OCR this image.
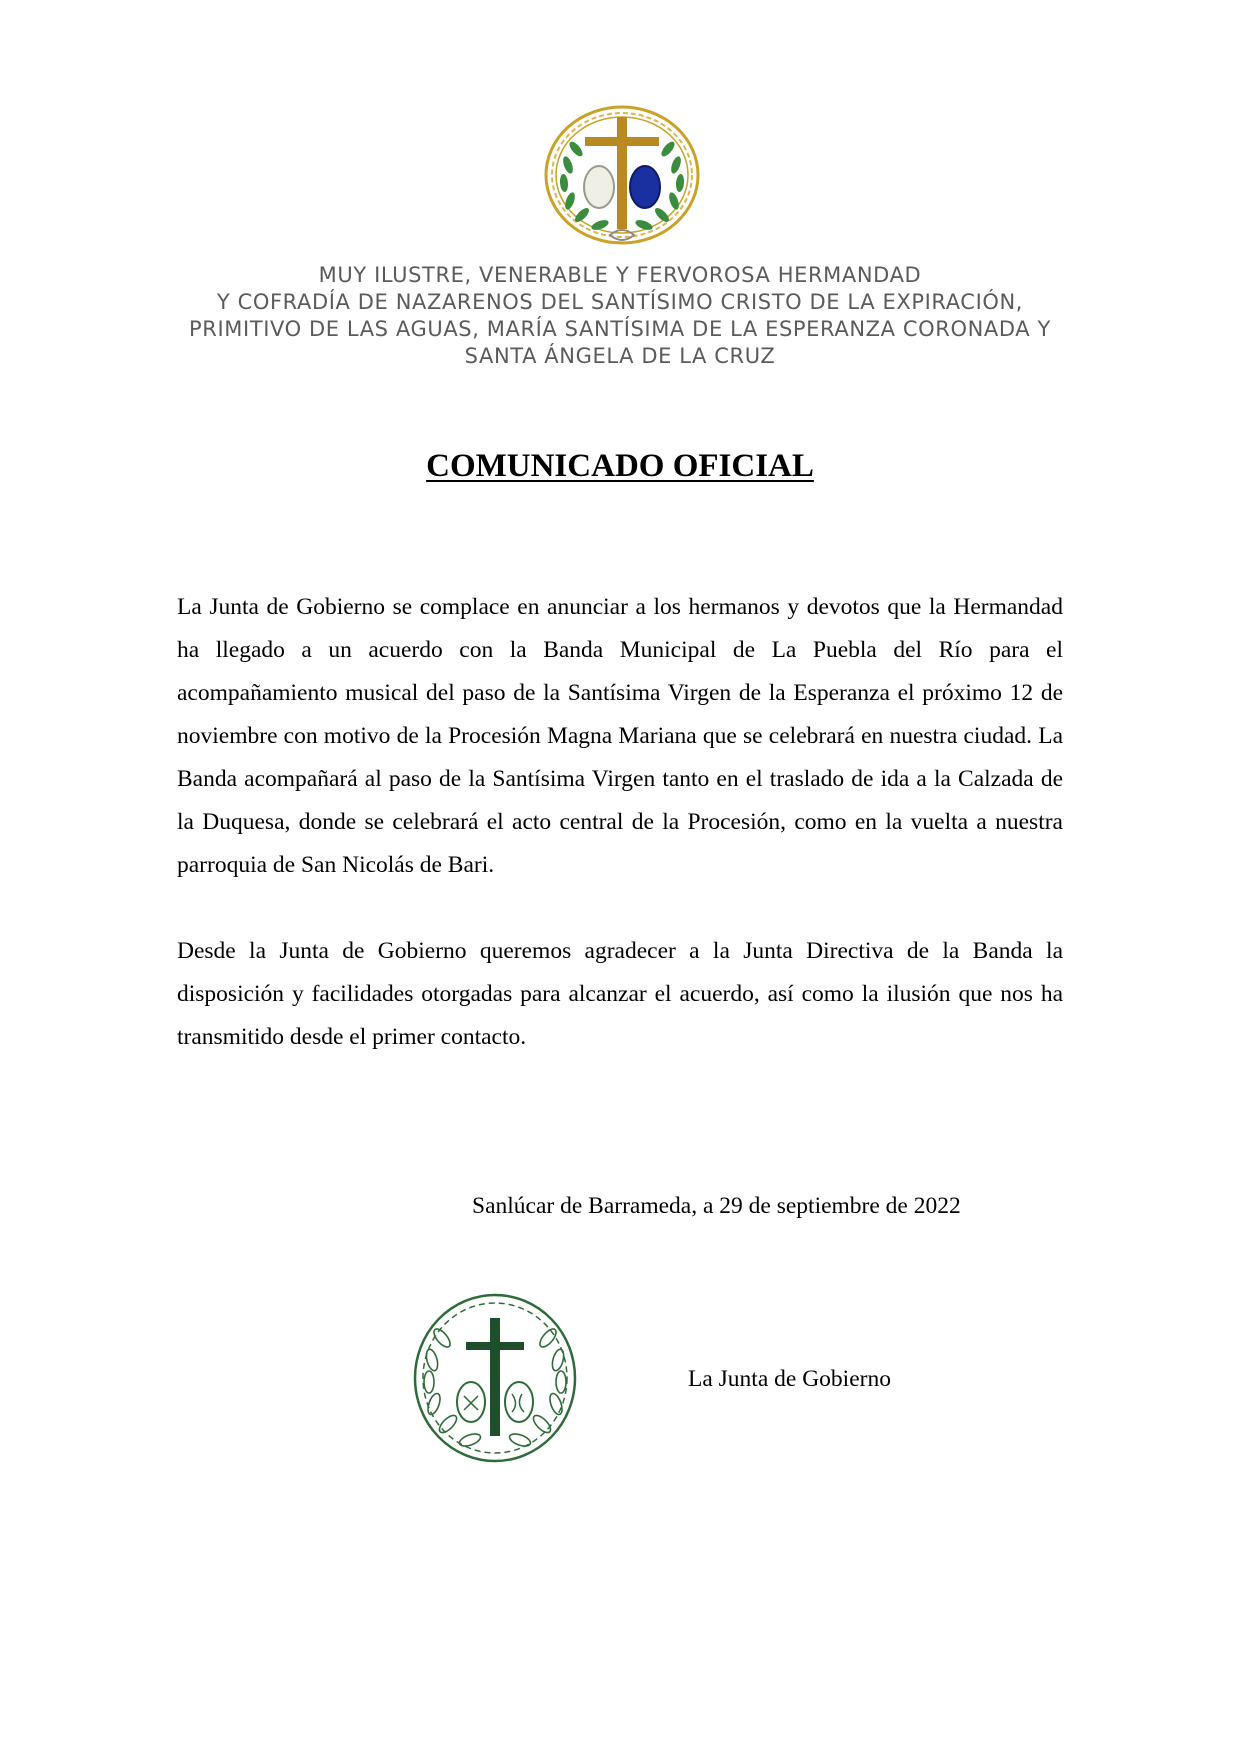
MUY ILUSTRE, VENERABLE Y FERVOROSA HERMANDAD
Y COFRADÍA DE NAZARENOS DEL SANTÍSIMO CRISTO DE LA EXPIRACIÓN,
PRIMITIVO DE LAS AGUAS, MARÍA SANTÍSIMA DE LA ESPERANZA CORONADA Y
SANTA ÁNGELA DE LA CRUZ
COMUNICADO OFICIAL

La Junta de Gobierno se complace en anunciar a los hermanos y devotos que la Hermandad ha llegado a un acuerdo con la Banda Municipal de La Puebla del Río para el acompañamiento musical del paso de la Santísima Virgen de la Esperanza el próximo 12 de noviembre con motivo de la Procesión Magna Mariana que se celebrará en nuestra ciudad. La Banda acompañará al paso de la Santísima Virgen tanto en el traslado de ida a la Calzada de la Duquesa, donde se celebrará el acto central de la Procesión, como en la vuelta a nuestra parroquia de San Nicolás de Bari.

Desde la Junta de Gobierno queremos agradecer a la Junta Directiva de la Banda la disposición y facilidades otorgadas para alcanzar el acuerdo, así como la ilusión que nos ha transmitido desde el primer contacto.

Sanlúcar de Barrameda, a 29 de septiembre de 2022
La Junta de Gobierno
